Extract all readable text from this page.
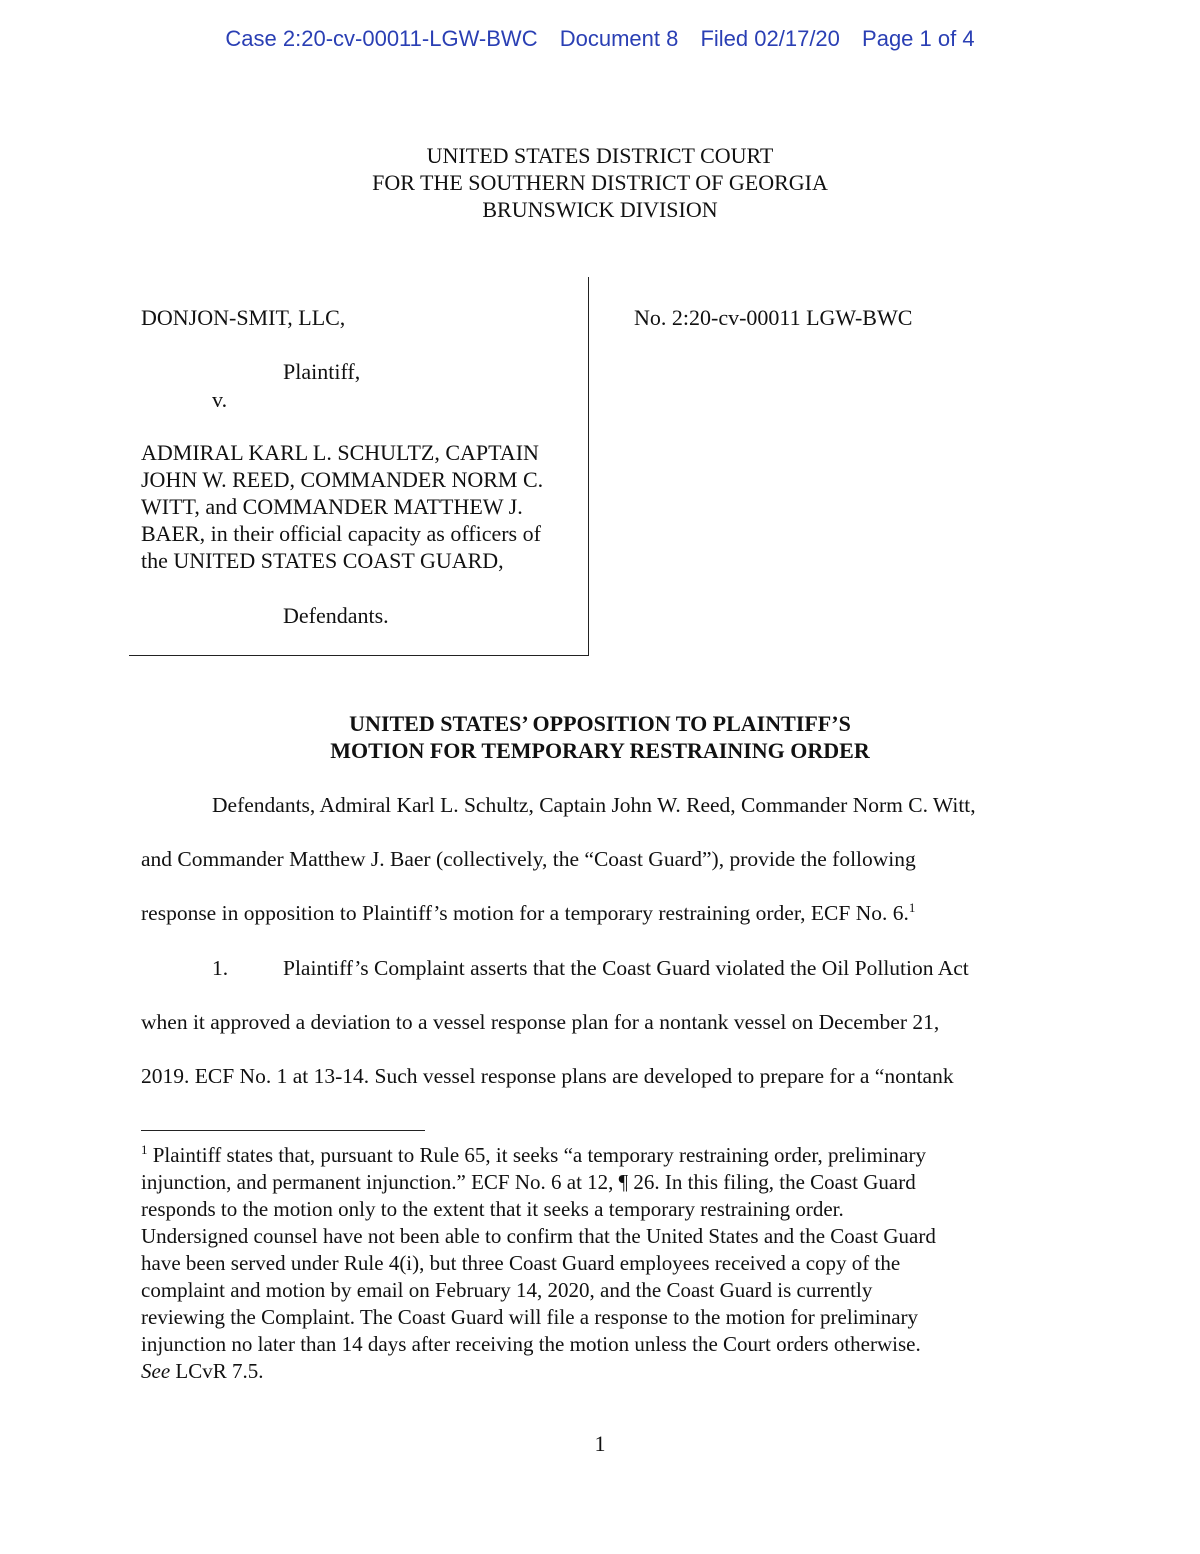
Case 2:20-cv-00011-LGW-BWC Document 8 Filed 02/17/20 Page 1 of 4
UNITED STATES DISTRICT COURT
FOR THE SOUTHERN DISTRICT OF GEORGIA
BRUNSWICK DIVISION
DONJON-SMIT, LLC,
Plaintiff,
v.
ADMIRAL KARL L. SCHULTZ, CAPTAIN
JOHN W. REED, COMMANDER NORM C.
WITT, and COMMANDER MATTHEW J.
BAER, in their official capacity as officers of
the UNITED STATES COAST GUARD,
Defendants.
No. 2:20-cv-00011 LGW-BWC
UNITED STATES’ OPPOSITION TO PLAINTIFF’S
MOTION FOR TEMPORARY RESTRAINING ORDER
Defendants, Admiral Karl L. Schultz, Captain John W. Reed, Commander Norm C. Witt,
and Commander Matthew J. Baer (collectively, the “Coast Guard”), provide the following
response in opposition to Plaintiff’s motion for a temporary restraining order, ECF No. 6.$^1$
1.	Plaintiff’s Complaint asserts that the Coast Guard violated the Oil Pollution Act
when it approved a deviation to a vessel response plan for a nontank vessel on December 21,
2019. ECF No. 1 at 13-14. Such vessel response plans are developed to prepare for a “nontank
$^1$ Plaintiff states that, pursuant to Rule 65, it seeks “a temporary restraining order, preliminary
injunction, and permanent injunction.” ECF No. 6 at 12, ¶ 26. In this filing, the Coast Guard
responds to the motion only to the extent that it seeks a temporary restraining order.
Undersigned counsel have not been able to confirm that the United States and the Coast Guard
have been served under Rule 4(i), but three Coast Guard employees received a copy of the
complaint and motion by email on February 14, 2020, and the Coast Guard is currently
reviewing the Complaint. The Coast Guard will file a response to the motion for preliminary
injunction no later than 14 days after receiving the motion unless the Court orders otherwise.
See LCvR 7.5.
1
